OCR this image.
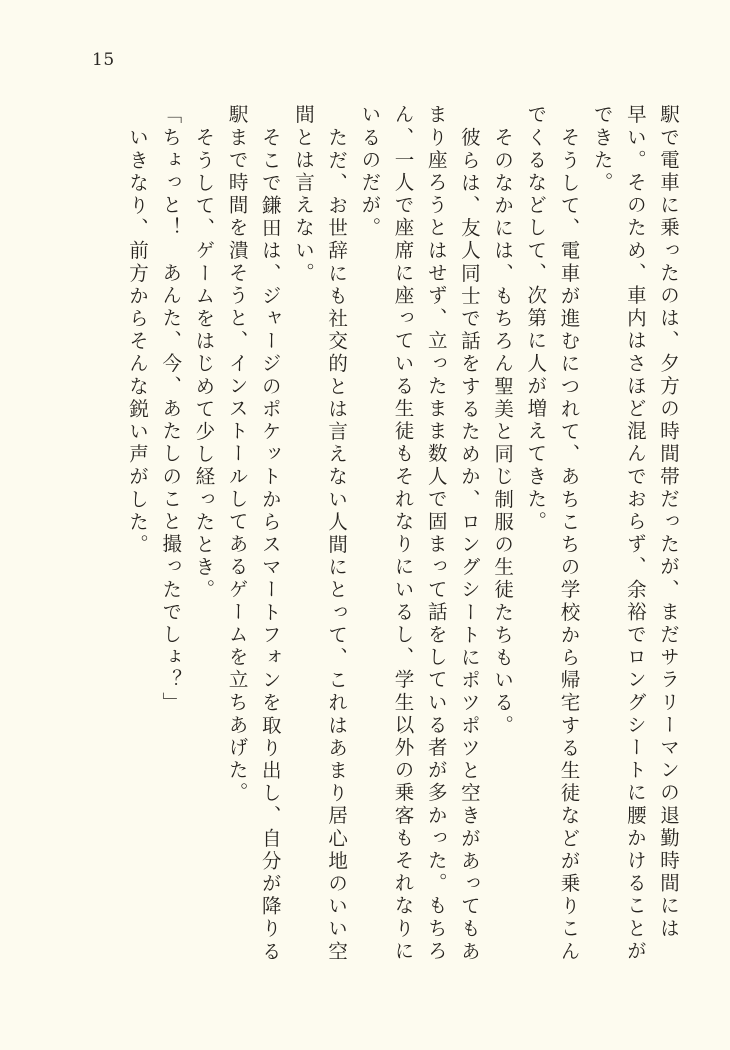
15
駅で電車に乗ったのは、夕方の時間帯だったが、まだサラリーマンの退勤時間には
早い。そのため、車内はさほど混んでおらず、余裕でロングシートに腰かけることが
できた。
そうして、電車が進むにつれて、あちこちの学校から帰宅する生徒などが乗りこん
でくるなどして、次第に人が増えてきた。
そのなかには、もちろん聖美と同じ制服の生徒たちもいる。
彼らは、友人同士で話をするためか、ロングシートにポツポツと空きがあってもあ
まり座ろうとはせず、立ったまま数人で固まって話をしている者が多かった。もちろ
ん、一人で座席に座っている生徒もそれなりにいるし、学生以外の乗客もそれなりに
いるのだが。
ただ、お世辞にも社交的とは言えない人間にとって、これはあまり居心地のいい空
間とは言えない。
そこで鎌田は、ジャージのポケットからスマートフォンを取り出し、自分が降りる
駅まで時間を潰そうと、インストールしてあるゲームを立ちあげた。
そうして、ゲームをはじめて少し経ったとき。
「ちょっと！　あんた、今、あたしのこと撮ったでしょ？」
いきなり、前方からそんな鋭い声がした。
